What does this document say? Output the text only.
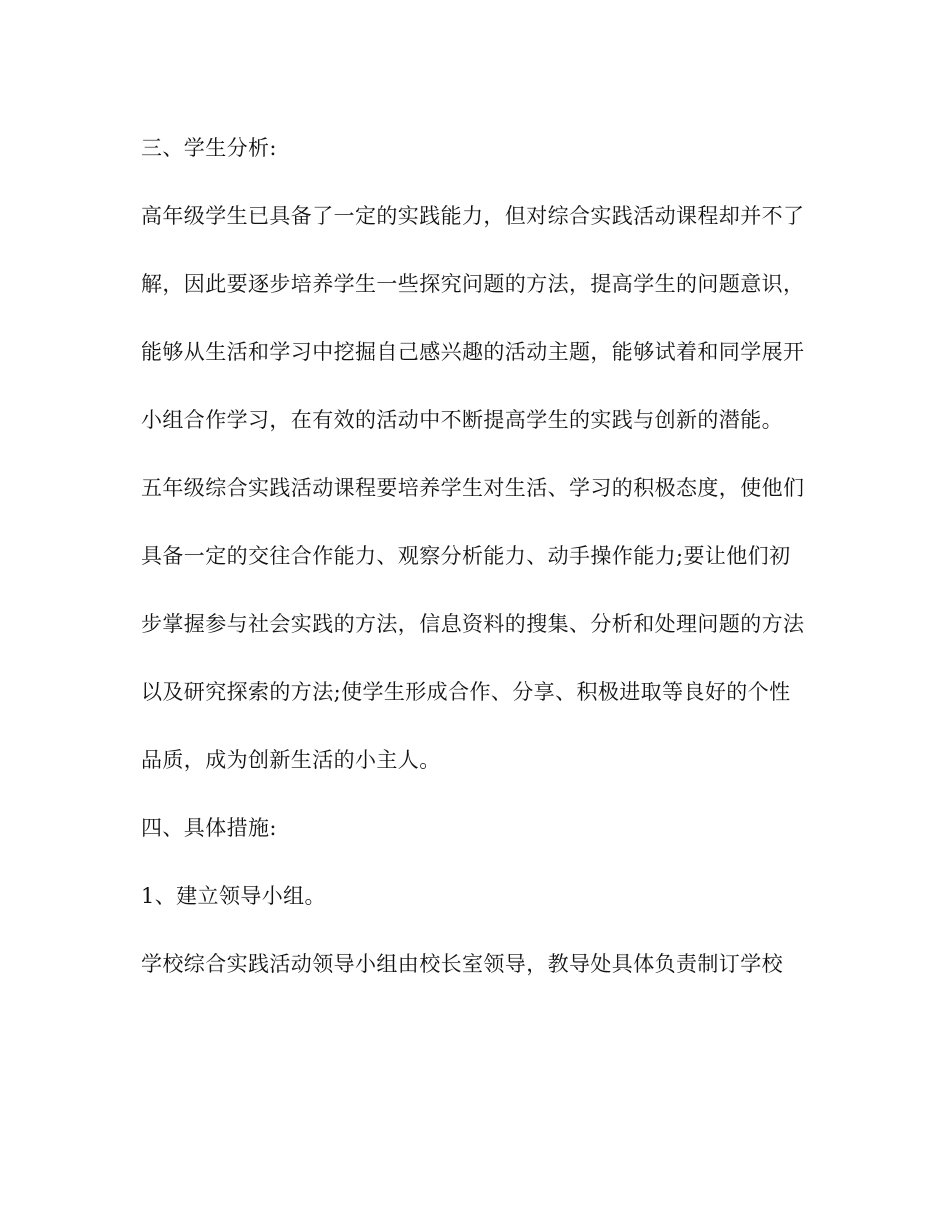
三、学生分析:

高年级学生已具备了一定的实践能力，但对综合实践活动课程却并不了解，因此要逐步培养学生一些探究问题的方法，提高学生的问题意识，能够从生活和学习中挖掘自己感兴趣的活动主题，能够试着和同学展开小组合作学习，在有效的活动中不断提高学生的实践与创新的潜能。

五年级综合实践活动课程要培养学生对生活、学习的积极态度，使他们具备一定的交往合作能力、观察分析能力、动手操作能力;要让他们初步掌握参与社会实践的方法，信息资料的搜集、分析和处理问题的方法以及研究探索的方法;使学生形成合作、分享、积极进取等良好的个性品质，成为创新生活的小主人。

四、具体措施:

1、建立领导小组。

学校综合实践活动领导小组由校长室领导，教导处具体负责制订学校
